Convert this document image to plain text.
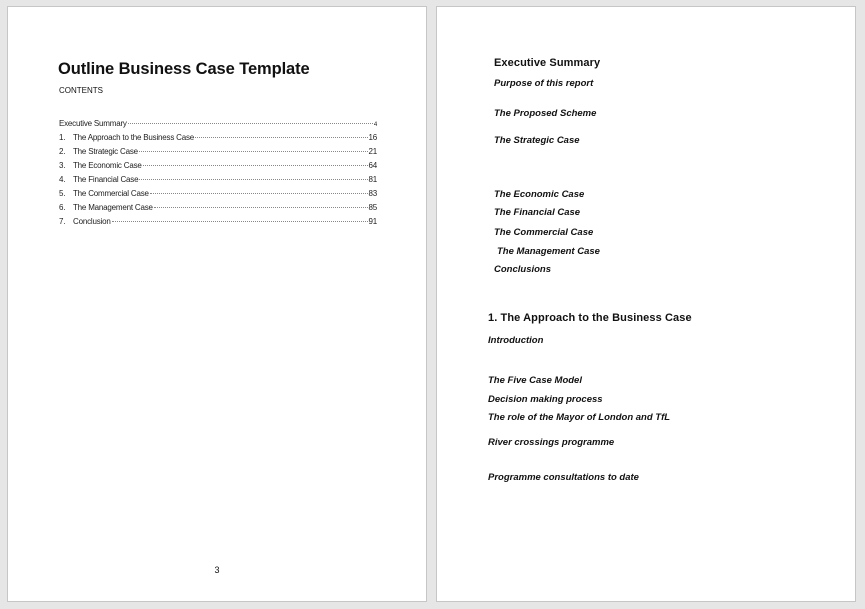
Outline Business Case Template
CONTENTS
Executive Summary	4
1. The Approach to the Business Case	16
2. The Strategic Case	21
3. The Economic Case	64
4. The Financial Case	81
5. The Commercial Case	83
6. The Management Case	85
7. Conclusion	91
3
Executive Summary
Purpose of this report
The Proposed Scheme
The Strategic Case
The Economic Case
The Financial Case
The Commercial Case
The Management Case
Conclusions
1. The Approach to the Business Case
Introduction
The Five Case Model
Decision making process
The role of the Mayor of London and TfL
River crossings programme
Programme consultations to date
